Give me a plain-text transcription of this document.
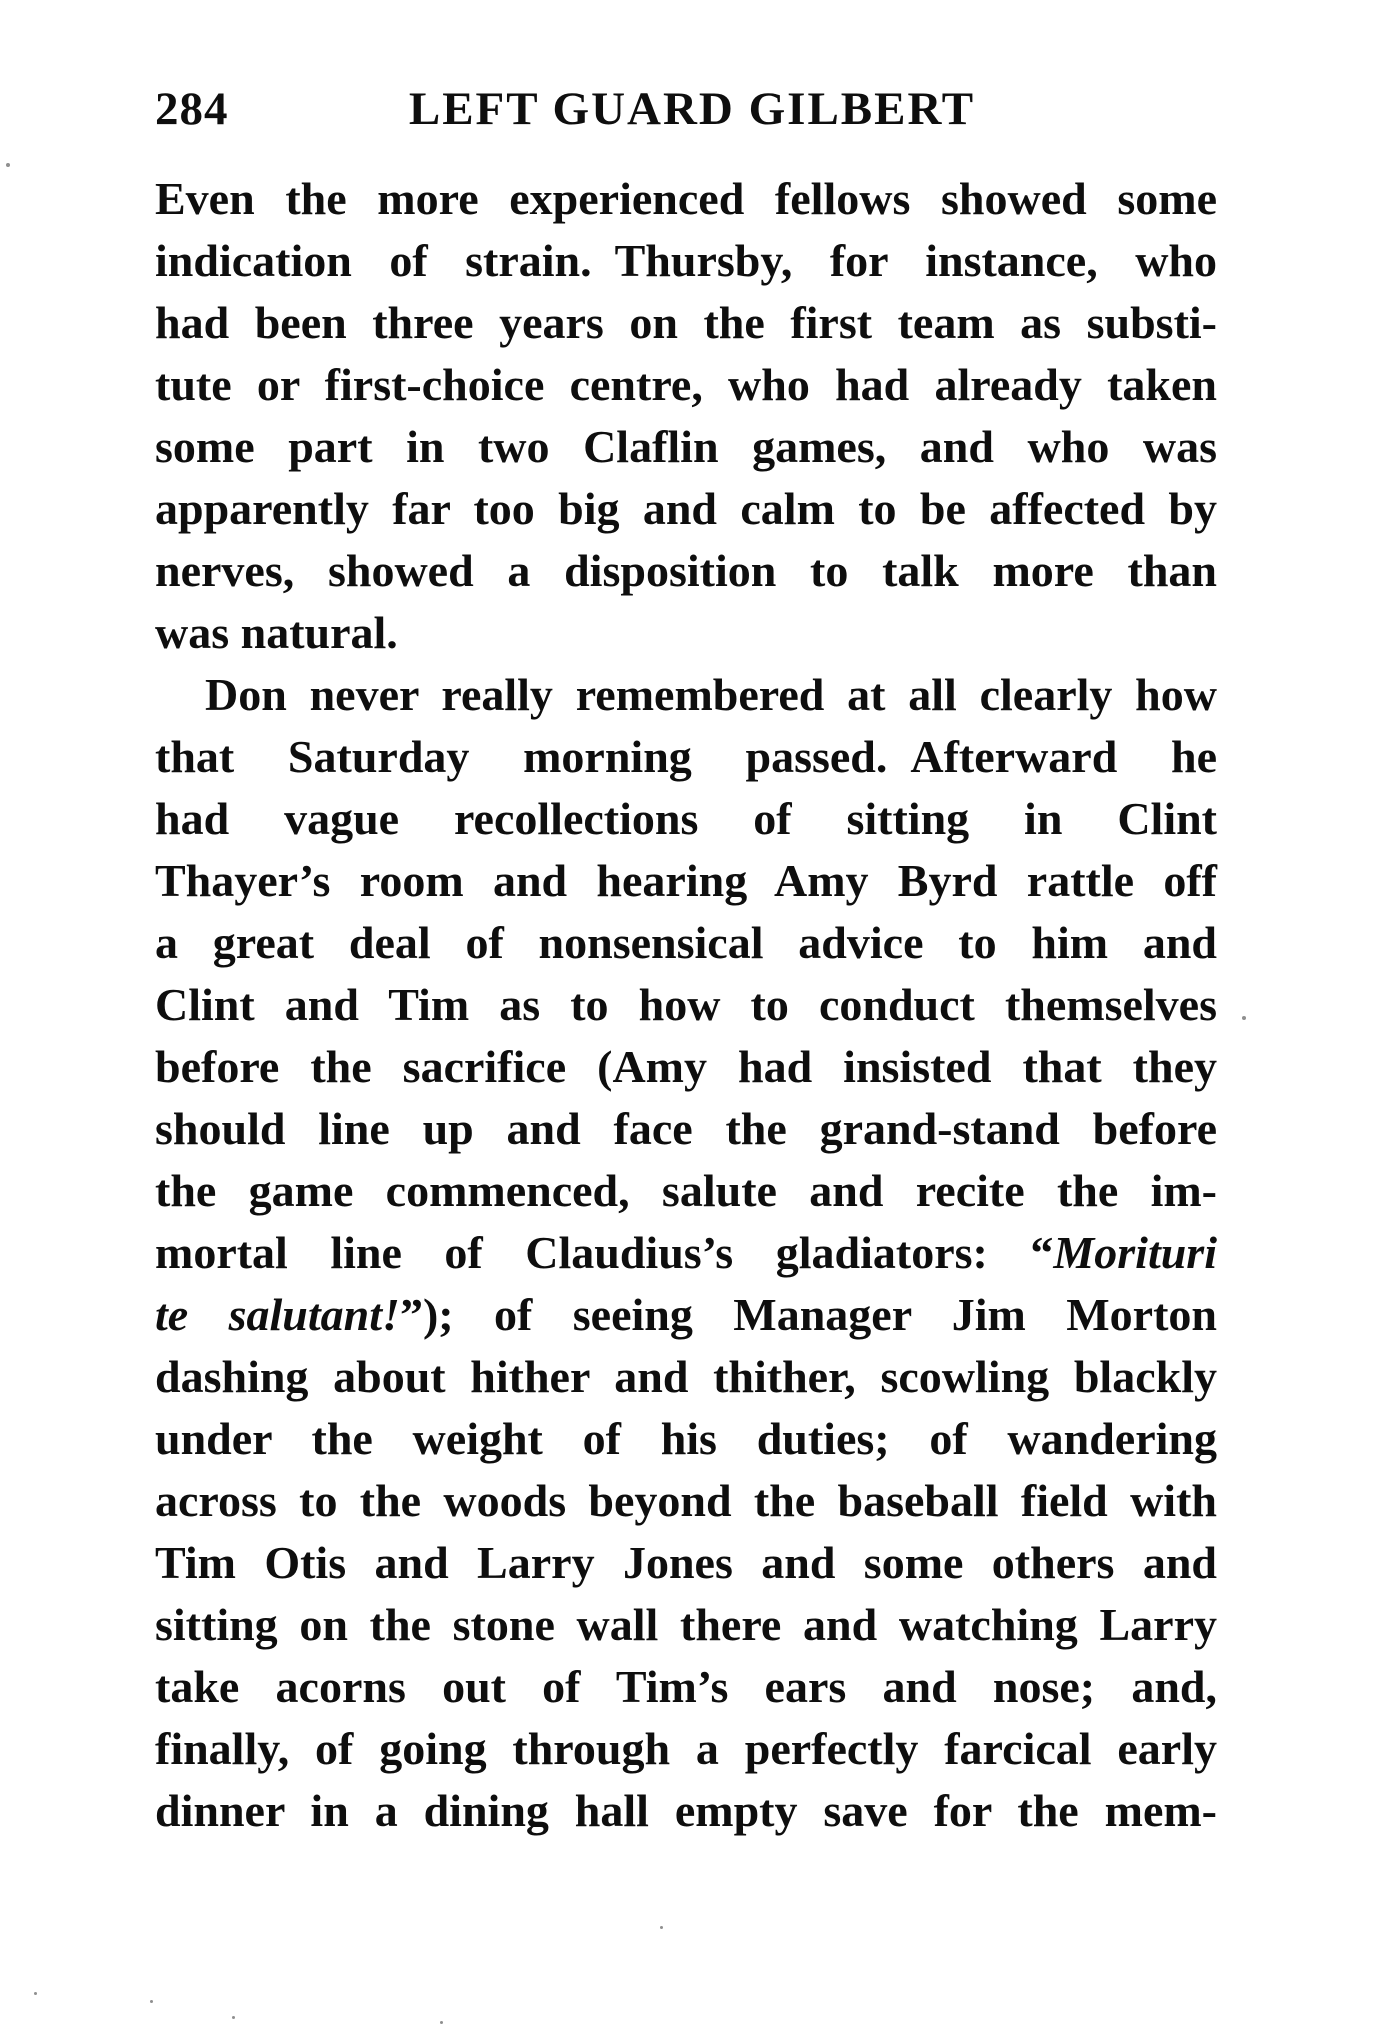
284	LEFT GUARD GILBERT
Even the more experienced fellows showed some
indication of strain. Thursby, for instance, who
had been three years on the first team as substi-
tute or first-choice centre, who had already taken
some part in two Claflin games, and who was
apparently far too big and calm to be affected by
nerves, showed a disposition to talk more than
was natural.
Don never really remembered at all clearly how
that Saturday morning passed. Afterward he
had vague recollections of sitting in Clint
Thayer’s room and hearing Amy Byrd rattle off
a great deal of nonsensical advice to him and
Clint and Tim as to how to conduct themselves
before the sacrifice (Amy had insisted that they
should line up and face the grand-stand before
the game commenced, salute and recite the im-
mortal line of Claudius’s gladiators: “Morituri
te salutant!”); of seeing Manager Jim Morton
dashing about hither and thither, scowling blackly
under the weight of his duties; of wandering
across to the woods beyond the baseball field with
Tim Otis and Larry Jones and some others and
sitting on the stone wall there and watching Larry
take acorns out of Tim’s ears and nose; and,
finally, of going through a perfectly farcical early
dinner in a dining hall empty save for the mem-
